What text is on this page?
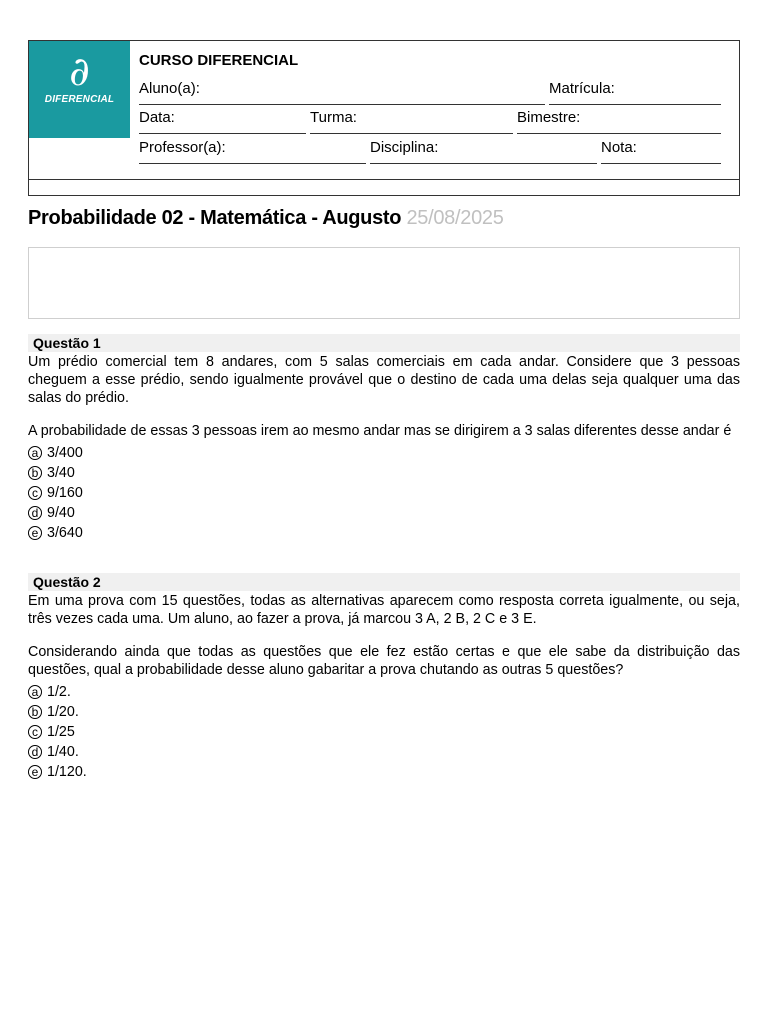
∂
DIFERENCIAL
CURSO DIFERENCIAL
Aluno(a):	Matrícula:
Data:	Turma:	Bimestre:
Professor(a):	Disciplina:	Nota:
Probabilidade 02 - Matemática - Augusto 25/08/2025
Questão 1
Um prédio comercial tem 8 andares, com 5 salas comerciais em cada andar. Considere que 3 pessoas cheguem a esse prédio, sendo igualmente provável que o destino de cada uma delas seja qualquer uma das salas do prédio.
A probabilidade de essas 3 pessoas irem ao mesmo andar mas se dirigirem a 3 salas diferentes desse andar é
a 3/400
b 3/40
c 9/160
d 9/40
e 3/640
Questão 2
Em uma prova com 15 questões, todas as alternativas aparecem como resposta correta igualmente, ou seja, três vezes cada uma. Um aluno, ao fazer a prova, já marcou 3 A, 2 B, 2 C e 3 E.
Considerando ainda que todas as questões que ele fez estão certas e que ele sabe da distribuição das questões, qual a probabilidade desse aluno gabaritar a prova chutando as outras 5 questões?
a 1/2.
b 1/20.
c 1/25
d 1/40.
e 1/120.
